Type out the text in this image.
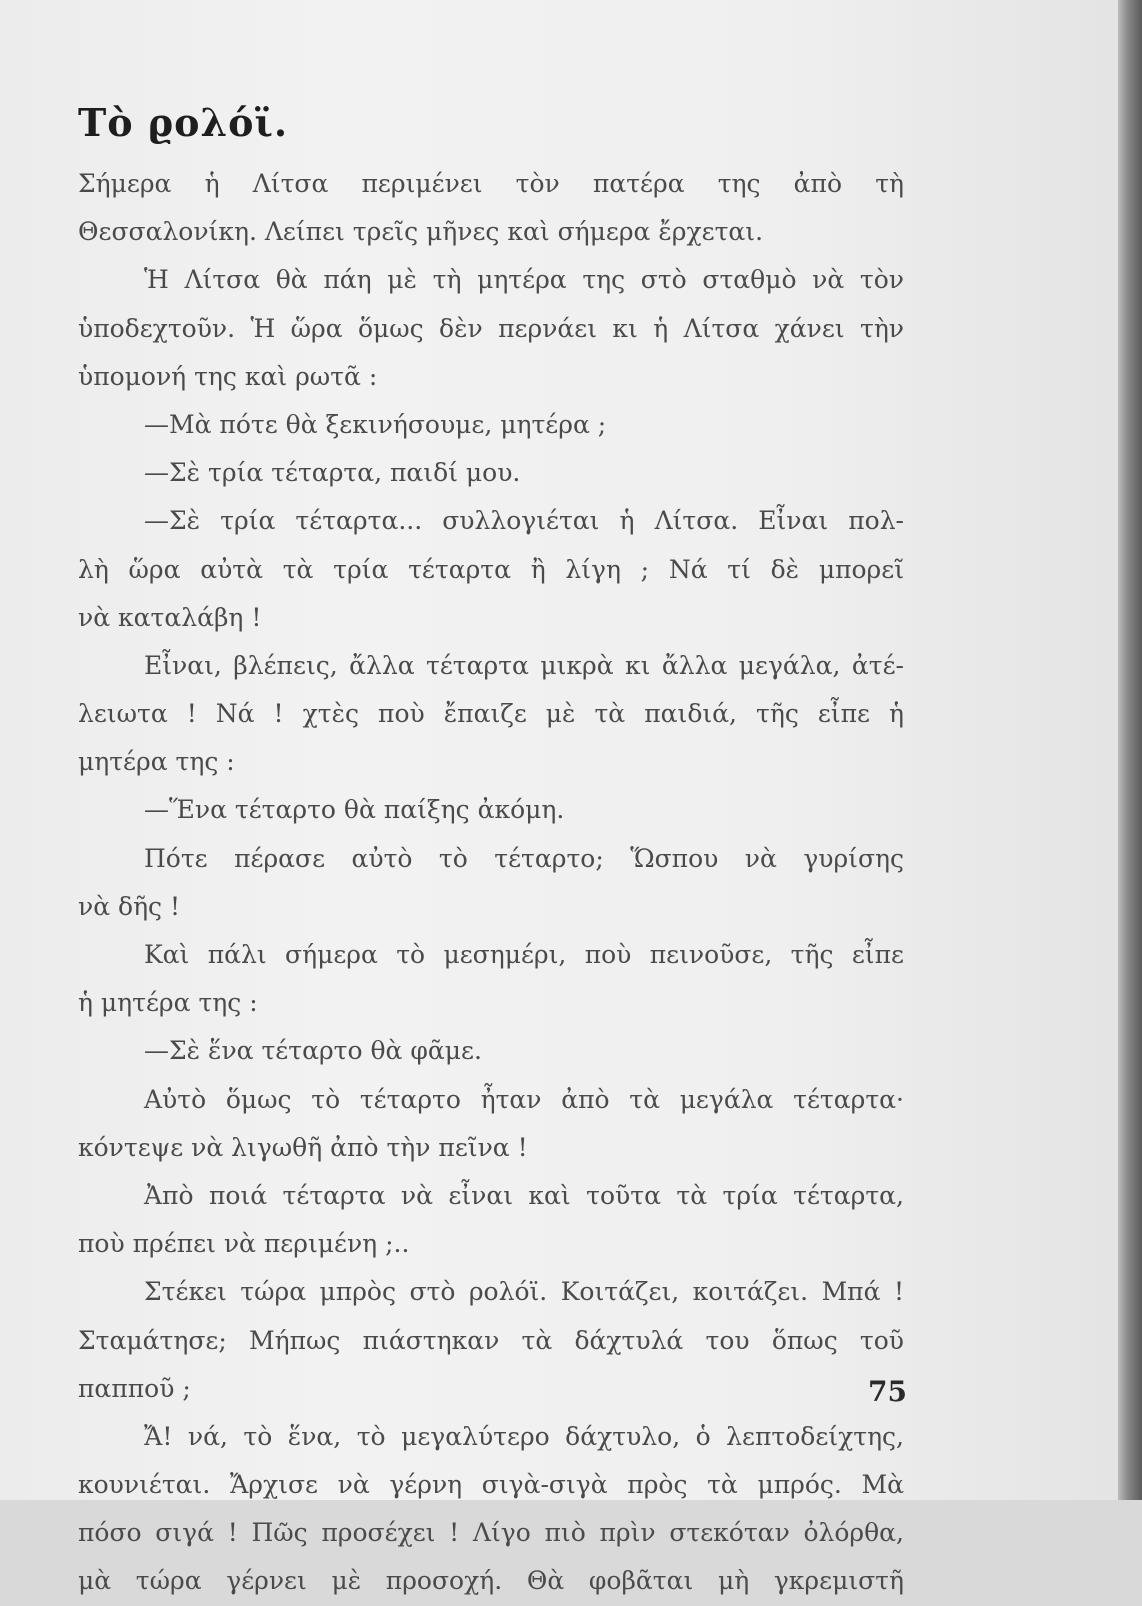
Τὸ ϱολόϊ.
Σήμερα ἡ Λίτσα περιμένει τὸν πατέρα της ἀπὸ τὴ
Θεσσαλονίκη. Λείπει τρεῖς μῆνες καὶ σήμερα ἔρχεται.
Ἡ Λίτσα θὰ πάη μὲ τὴ μητέρα της στὸ σταθμὸ νὰ τὸν
ὑποδεχτοῦν. Ἡ ὥρα ὅμως δὲν περνάει κι ἡ Λίτσα χάνει τὴν
ὑπομονή της καὶ ρωτᾶ :
—Μὰ πότε θὰ ξεκινήσουμε, μητέρα ;
—Σὲ τρία τέταρτα, παιδί μου.
—Σὲ τρία τέταρτα... συλλογιέται ἡ Λίτσα. Εἶναι πολ-
λὴ ὥρα αὐτὰ τὰ τρία τέταρτα ἢ λίγη ; Νά τί δὲ μπορεῖ
νὰ καταλάβη !
Εἶναι, βλέπεις, ἄλλα τέταρτα μικρὰ κι ἄλλα μεγάλα, ἀτέ-
λειωτα ! Νά ! χτὲς ποὺ ἔπαιζε μὲ τὰ παιδιά, τῆς εἶπε ἡ
μητέρα της :
—Ἕνα τέταρτο θὰ παίξης ἀκόμη.
Πότε πέρασε αὐτὸ τὸ τέταρτο; Ὥσπου νὰ γυρίσης
νὰ δῆς !
Καὶ πάλι σήμερα τὸ μεσημέρι, ποὺ πεινοῦσε, τῆς εἶπε
ἡ μητέρα της :
—Σὲ ἕνα τέταρτο θὰ φᾶμε.
Αὐτὸ ὅμως τὸ τέταρτο ἦταν ἀπὸ τὰ μεγάλα τέταρτα·
κόντεψε νὰ λιγωθῆ ἀπὸ τὴν πεῖνα !
Ἀπὸ ποιά τέταρτα νὰ εἶναι καὶ τοῦτα τὰ τρία τέταρτα,
ποὺ πρέπει νὰ περιμένη ;..
Στέκει τώρα μπρὸς στὸ ρολόϊ. Κοιτάζει, κοιτάζει. Μπά !
Σταμάτησε; Μήπως πιάστηκαν τὰ δάχτυλά του ὅπως τοῦ
παπποῦ ;
Ἄ! νά, τὸ ἕνα, τὸ μεγαλύτερο δάχτυλο, ὁ λεπτοδείχτης,
κουνιέται. Ἄρχισε νὰ γέρνη σιγὰ-σιγὰ πρὸς τὰ μπρός. Μὰ
πόσο σιγά ! Πῶς προσέχει ! Λίγο πιὸ πρὶν στεκόταν ὀλόρθα,
μὰ τώρα γέρνει μὲ προσοχή. Θὰ φοβᾶται μὴ γκρεμιστῆ
75
